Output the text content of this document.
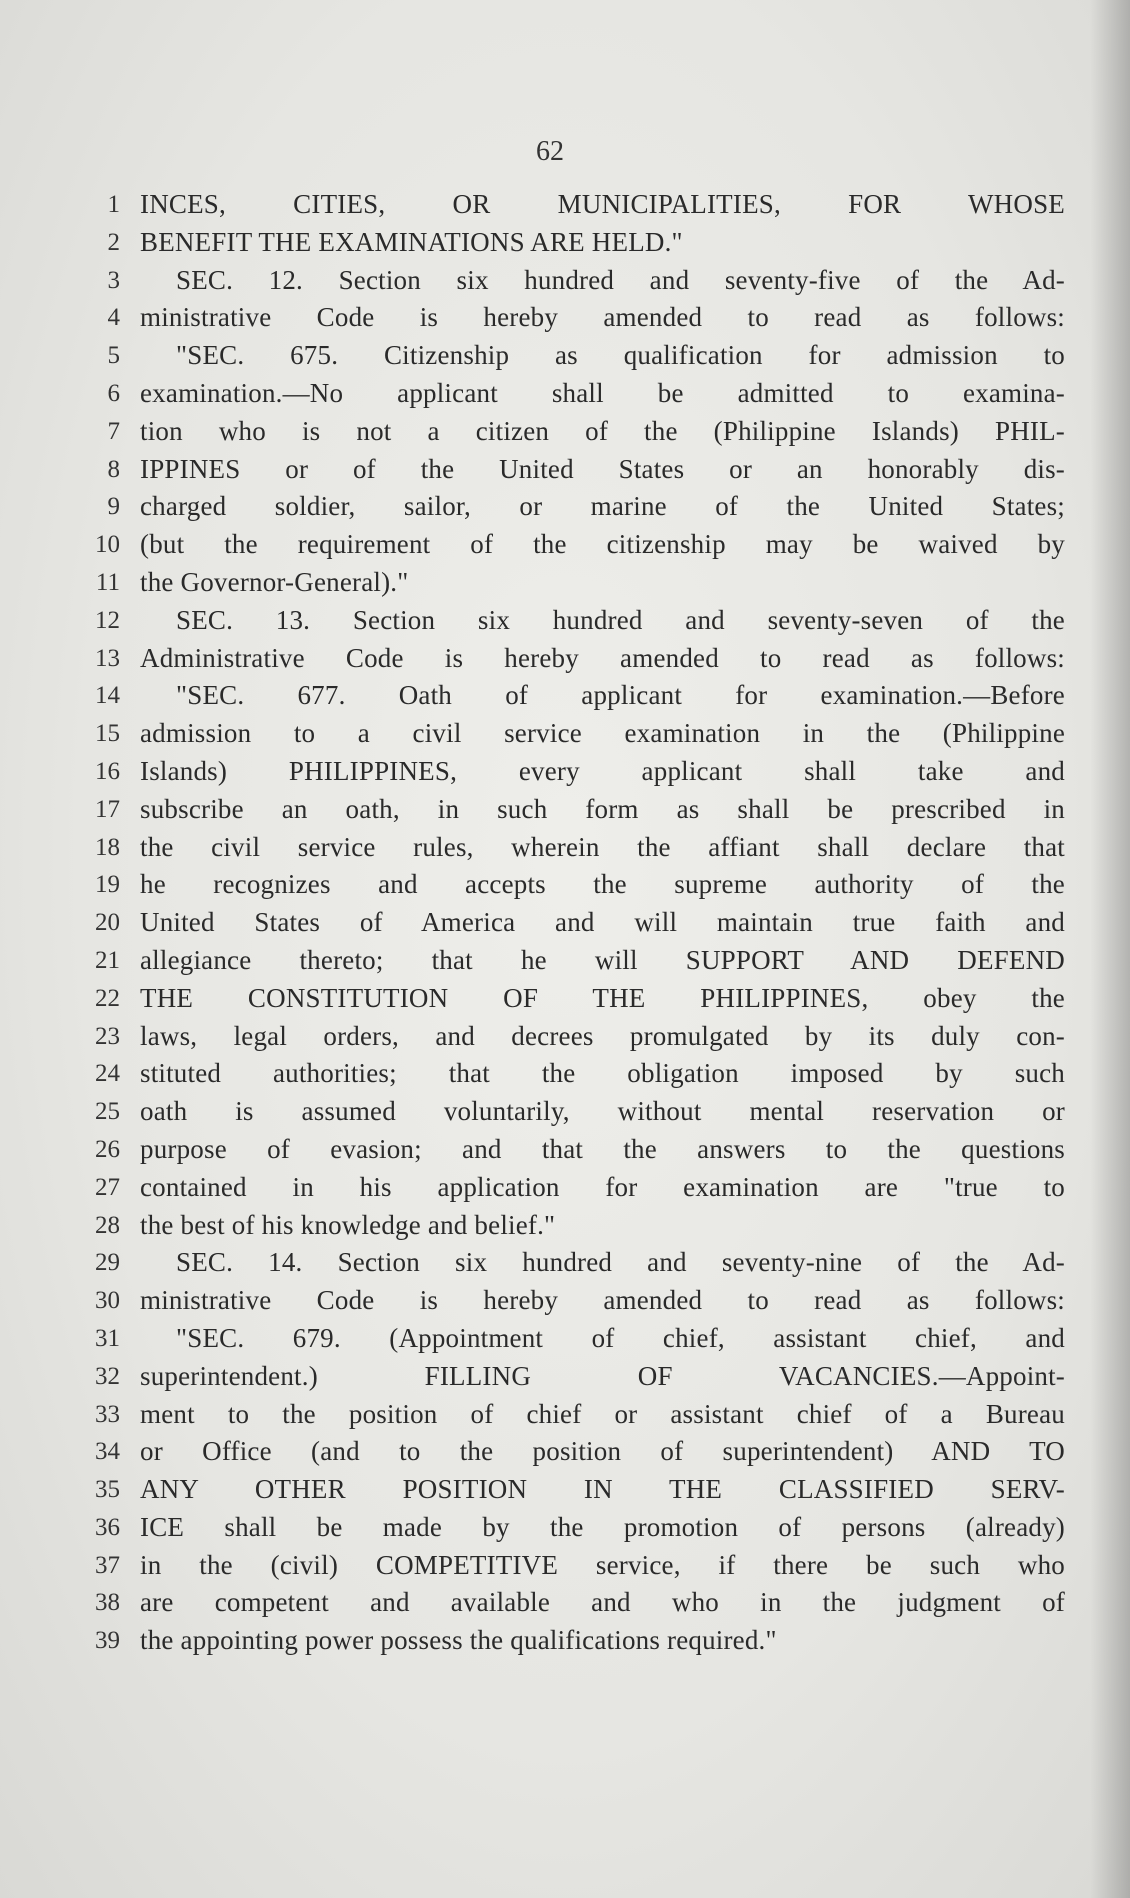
62
1 INCES, CITIES, OR MUNICIPALITIES, FOR WHOSE
2 BENEFIT THE EXAMINATIONS ARE HELD."
3	SEC. 12. Section six hundred and seventy-five of the Ad-
4 ministrative Code is hereby amended to read as follows:
5	"SEC. 675. Citizenship as qualification for admission to
6 examination.—No applicant shall be admitted to examina-
7 tion who is not a citizen of the (Philippine Islands) PHIL-
8 IPPINES or of the United States or an honorably dis-
9 charged soldier, sailor, or marine of the United States;
10 (but the requirement of the citizenship may be waived by
11 the Governor-General)."
12	SEC. 13. Section six hundred and seventy-seven of the
13 Administrative Code is hereby amended to read as follows:
14	"SEC. 677. Oath of applicant for examination.—Before
15 admission to a civil service examination in the (Philippine
16 Islands) PHILIPPINES, every applicant shall take and
17 subscribe an oath, in such form as shall be prescribed in
18 the civil service rules, wherein the affiant shall declare that
19 he recognizes and accepts the supreme authority of the
20 United States of America and will maintain true faith and
21 allegiance thereto; that he will SUPPORT AND DEFEND
22 THE CONSTITUTION OF THE PHILIPPINES, obey the
23 laws, legal orders, and decrees promulgated by its duly con-
24 stituted authorities; that the obligation imposed by such
25 oath is assumed voluntarily, without mental reservation or
26 purpose of evasion; and that the answers to the questions
27 contained in his application for examination are "true to
28 the best of his knowledge and belief."
29	SEC. 14. Section six hundred and seventy-nine of the Ad-
30 ministrative Code is hereby amended to read as follows:
31	"SEC. 679. (Appointment of chief, assistant chief, and
32 superintendent.) FILLING OF VACANCIES.—Appoint-
33 ment to the position of chief or assistant chief of a Bureau
34 or Office (and to the position of superintendent) AND TO
35 ANY OTHER POSITION IN THE CLASSIFIED SERV-
36 ICE shall be made by the promotion of persons (already)
37 in the (civil) COMPETITIVE service, if there be such who
38 are competent and available and who in the judgment of
39 the appointing power possess the qualifications required."
